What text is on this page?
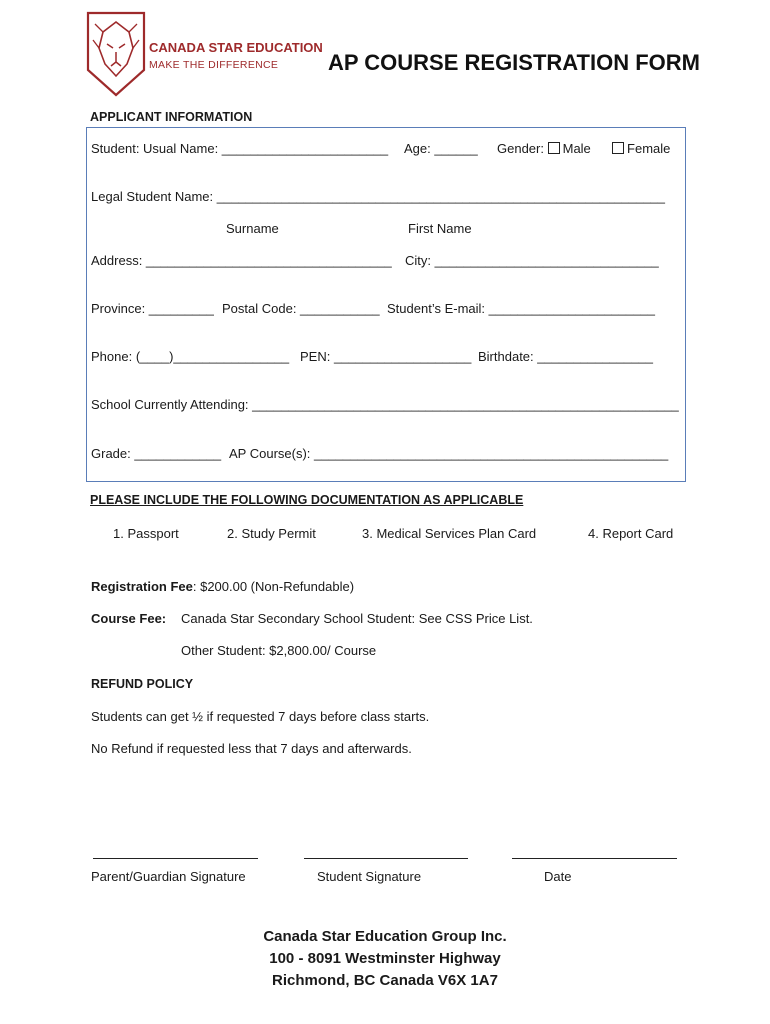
CANADA STAR EDUCATION
MAKE THE DIFFERENCE AP COURSE REGISTRATION FORM
APPLICANT INFORMATION
Student: Usual Name: _______________________ Age: ______ Gender: Male	Female
Legal Student Name: ______________________________________________________________
Surname	First Name
Address: __________________________________ City: _______________________________
Province: _________ Postal Code: ___________ Student’s E-mail: _______________________
Phone: (____)________________ PEN: ___________________ Birthdate: ________________
School Currently Attending: ___________________________________________________________
Grade: ____________ AP Course(s): _________________________________________________
PLEASE INCLUDE THE FOLLOWING DOCUMENTATION AS APPLICABLE
1. Passport	2. Study Permit	3. Medical Services Plan Card	4. Report Card
Registration Fee: $200.00 (Non-Refundable)
Course Fee: Canada Star Secondary School Student: See CSS Price List.
Other Student: $2,800.00/ Course
REFUND POLICY
Students can get ½ if requested 7 days before class starts.
No Refund if requested less that 7 days and afterwards.
Parent/Guardian Signature	Student Signature	Date
Canada Star Education Group Inc.
100 - 8091 Westminster Highway
Richmond, BC Canada V6X 1A7
